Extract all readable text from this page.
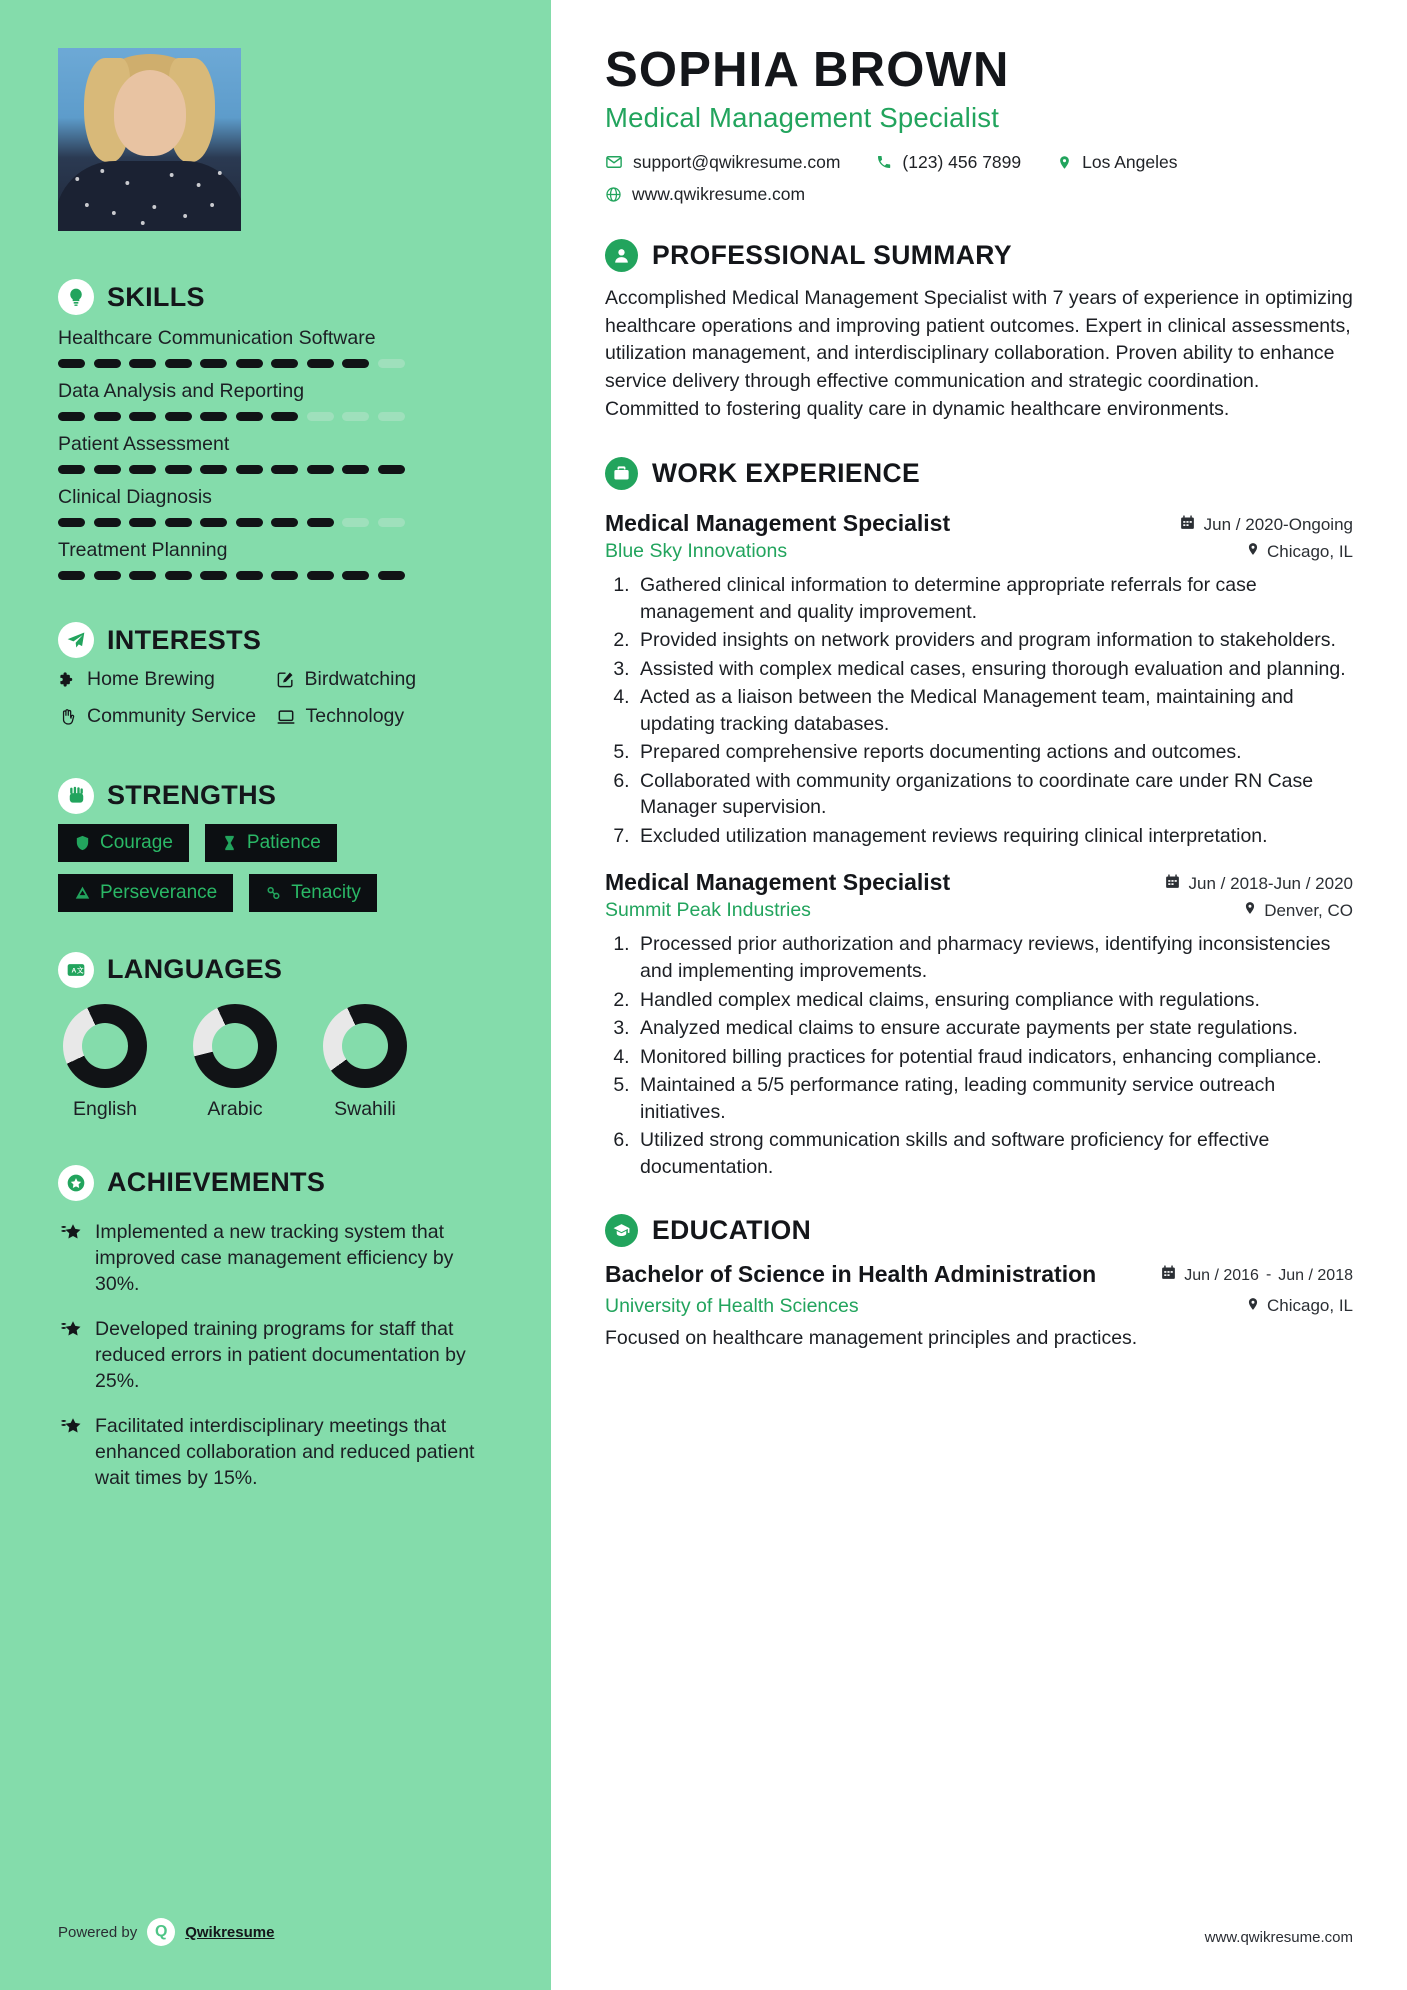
SKILLS
Healthcare Communication Software
Data Analysis and Reporting
Patient Assessment
Clinical Diagnosis
Treatment Planning
INTERESTS
Home Brewing	Birdwatching
Community Service	Technology
STRENGTHS
Courage	Patience
Perseverance	Tenacity
A 文 LANGUAGES
English	Arabic	Swahili
ACHIEVEMENTS
Implemented a new tracking system that improved case management efficiency by 30%.
Developed training programs for staff that reduced errors in patient documentation by 25%.
Facilitated interdisciplinary meetings that enhanced collaboration and reduced patient wait times by 15%.
Powered by	Q	Qwikresume
SOPHIA BROWN
Medical Management Specialist
support@qwikresume.com	(123) 456 7899	Los Angeles
www.qwikresume.com
PROFESSIONAL SUMMARY

Accomplished Medical Management Specialist with 7 years of experience in optimizing healthcare operations and improving patient outcomes. Expert in clinical assessments, utilization management, and interdisciplinary collaboration. Proven ability to enhance service delivery through effective communication and strategic coordination. Committed to fostering quality care in dynamic healthcare environments.

WORK EXPERIENCE
Medical Management Specialist	Jun / 2020-Ongoing
Blue Sky Innovations	Chicago, IL
1. Gathered clinical information to determine appropriate referrals for case management and quality improvement.
2. Provided insights on network providers and program information to stakeholders.
3. Assisted with complex medical cases, ensuring thorough evaluation and planning.
4. Acted as a liaison between the Medical Management team, maintaining and updating tracking databases.
5. Prepared comprehensive reports documenting actions and outcomes.
6. Collaborated with community organizations to coordinate care under RN Case Manager supervision.
7. Excluded utilization management reviews requiring clinical interpretation.
Medical Management Specialist	Jun / 2018-Jun / 2020
Summit Peak Industries	Denver, CO
1. Processed prior authorization and pharmacy reviews, identifying inconsistencies and implementing improvements.
2. Handled complex medical claims, ensuring compliance with regulations.
3. Analyzed medical claims to ensure accurate payments per state regulations.
4. Monitored billing practices for potential fraud indicators, enhancing compliance.
5. Maintained a 5/5 performance rating, leading community service outreach initiatives.
6. Utilized strong communication skills and software proficiency for effective documentation.
EDUCATION
Bachelor of Science in Health Administration	Jun / 2016 - Jun / 2018
University of Health Sciences	Chicago, IL
Focused on healthcare management principles and practices.
www.qwikresume.com
